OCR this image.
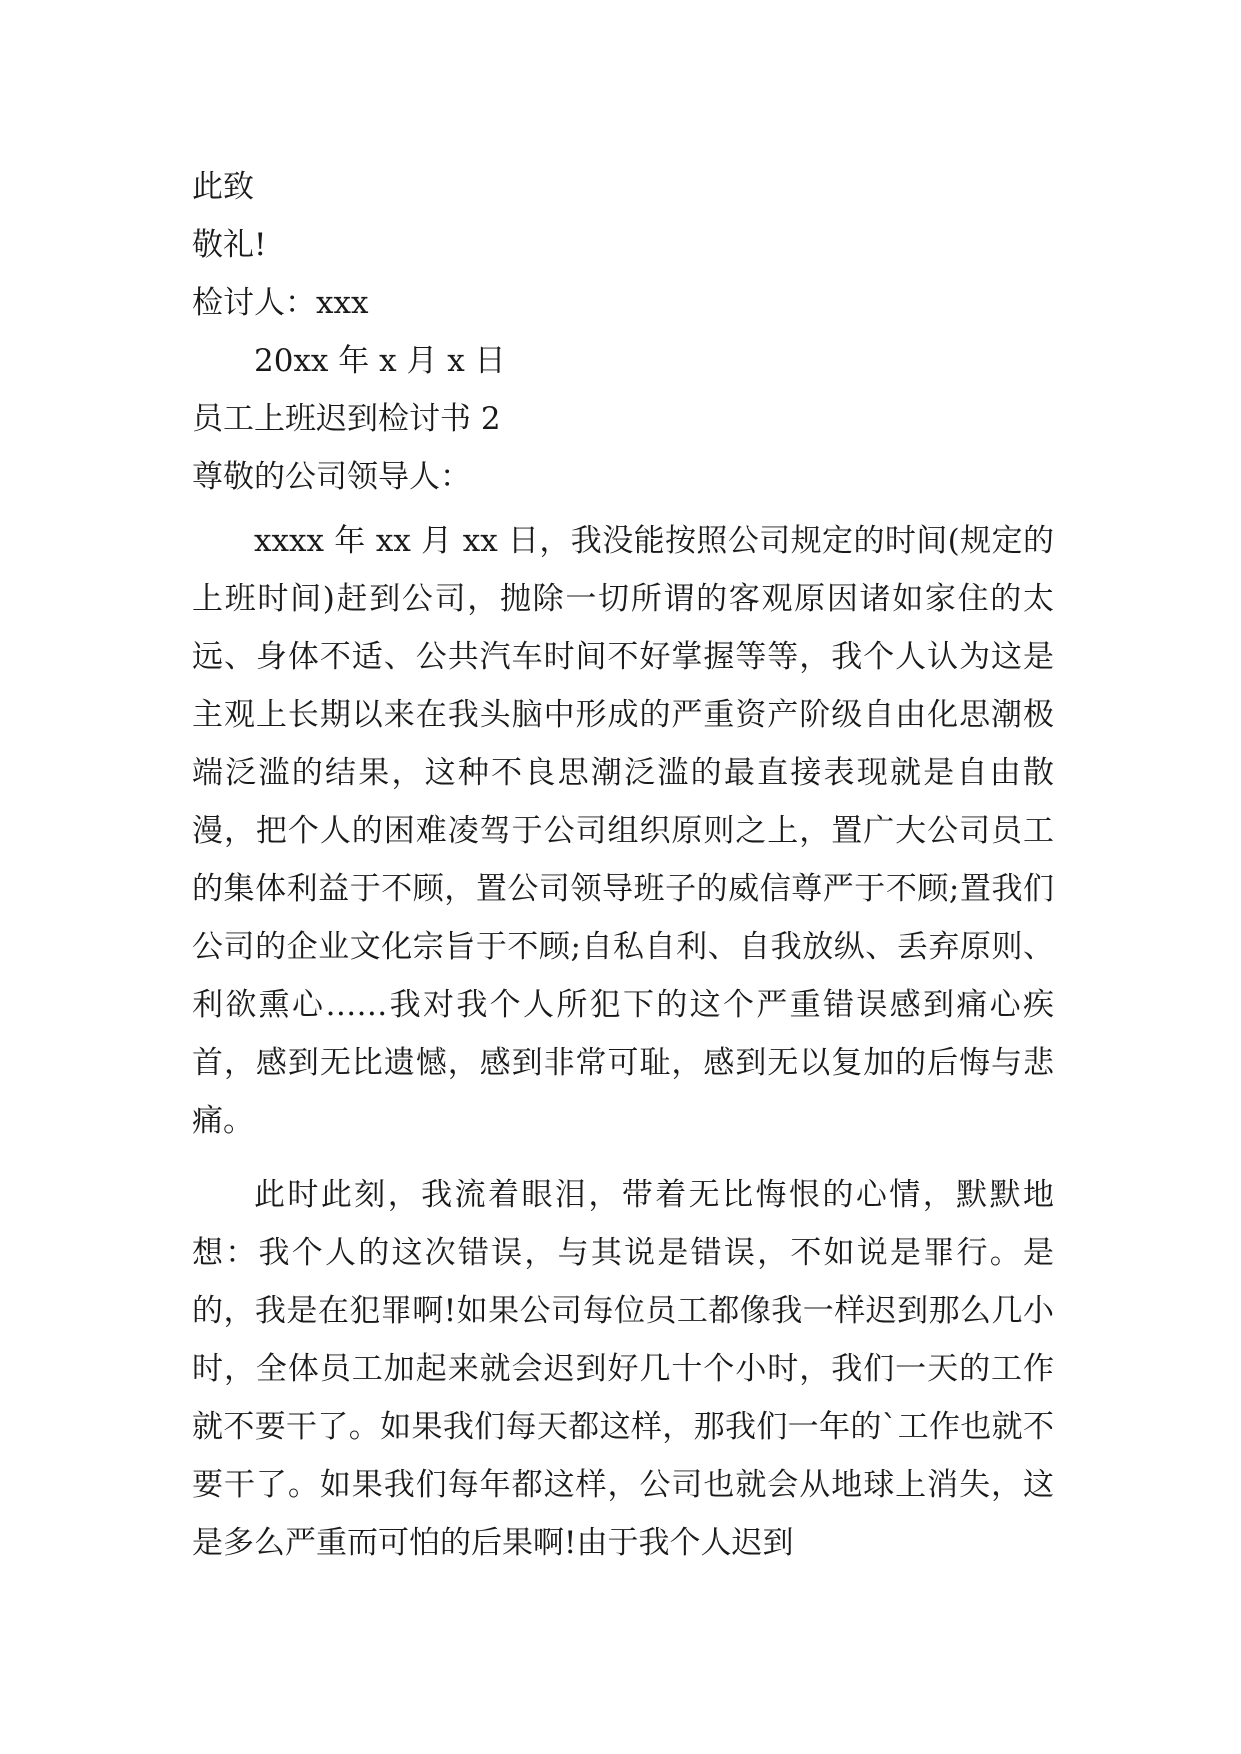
此致
敬礼!
检讨人：xxx
20xx 年 x 月 x 日
员工上班迟到检讨书 2
尊敬的公司领导人：

xxxx 年 xx 月 xx 日，我没能按照公司规定的时间(规定的上班时间)赶到公司，抛除一切所谓的客观原因诸如家住的太远、身体不适、公共汽车时间不好掌握等等，我个人认为这是主观上长期以来在我头脑中形成的严重资产阶级自由化思潮极端泛滥的结果，这种不良思潮泛滥的最直接表现就是自由散漫，把个人的困难凌驾于公司组织原则之上，置广大公司员工的集体利益于不顾，置公司领导班子的威信尊严于不顾;置我们公司的企业文化宗旨于不顾;自私自利、自我放纵、丢弃原则、利欲熏心……我对我个人所犯下的这个严重错误感到痛心疾首，感到无比遗憾，感到非常可耻，感到无以复加的后悔与悲痛。

此时此刻，我流着眼泪，带着无比悔恨的心情，默默地想：我个人的这次错误，与其说是错误，不如说是罪行。是的，我是在犯罪啊!如果公司每位员工都像我一样迟到那么几小时，全体员工加起来就会迟到好几十个小时，我们一天的工作就不要干了。如果我们每天都这样，那我们一年的`工作也就不要干了。如果我们每年都这样，公司也就会从地球上消失，这是多么严重而可怕的后果啊!由于我个人迟到
